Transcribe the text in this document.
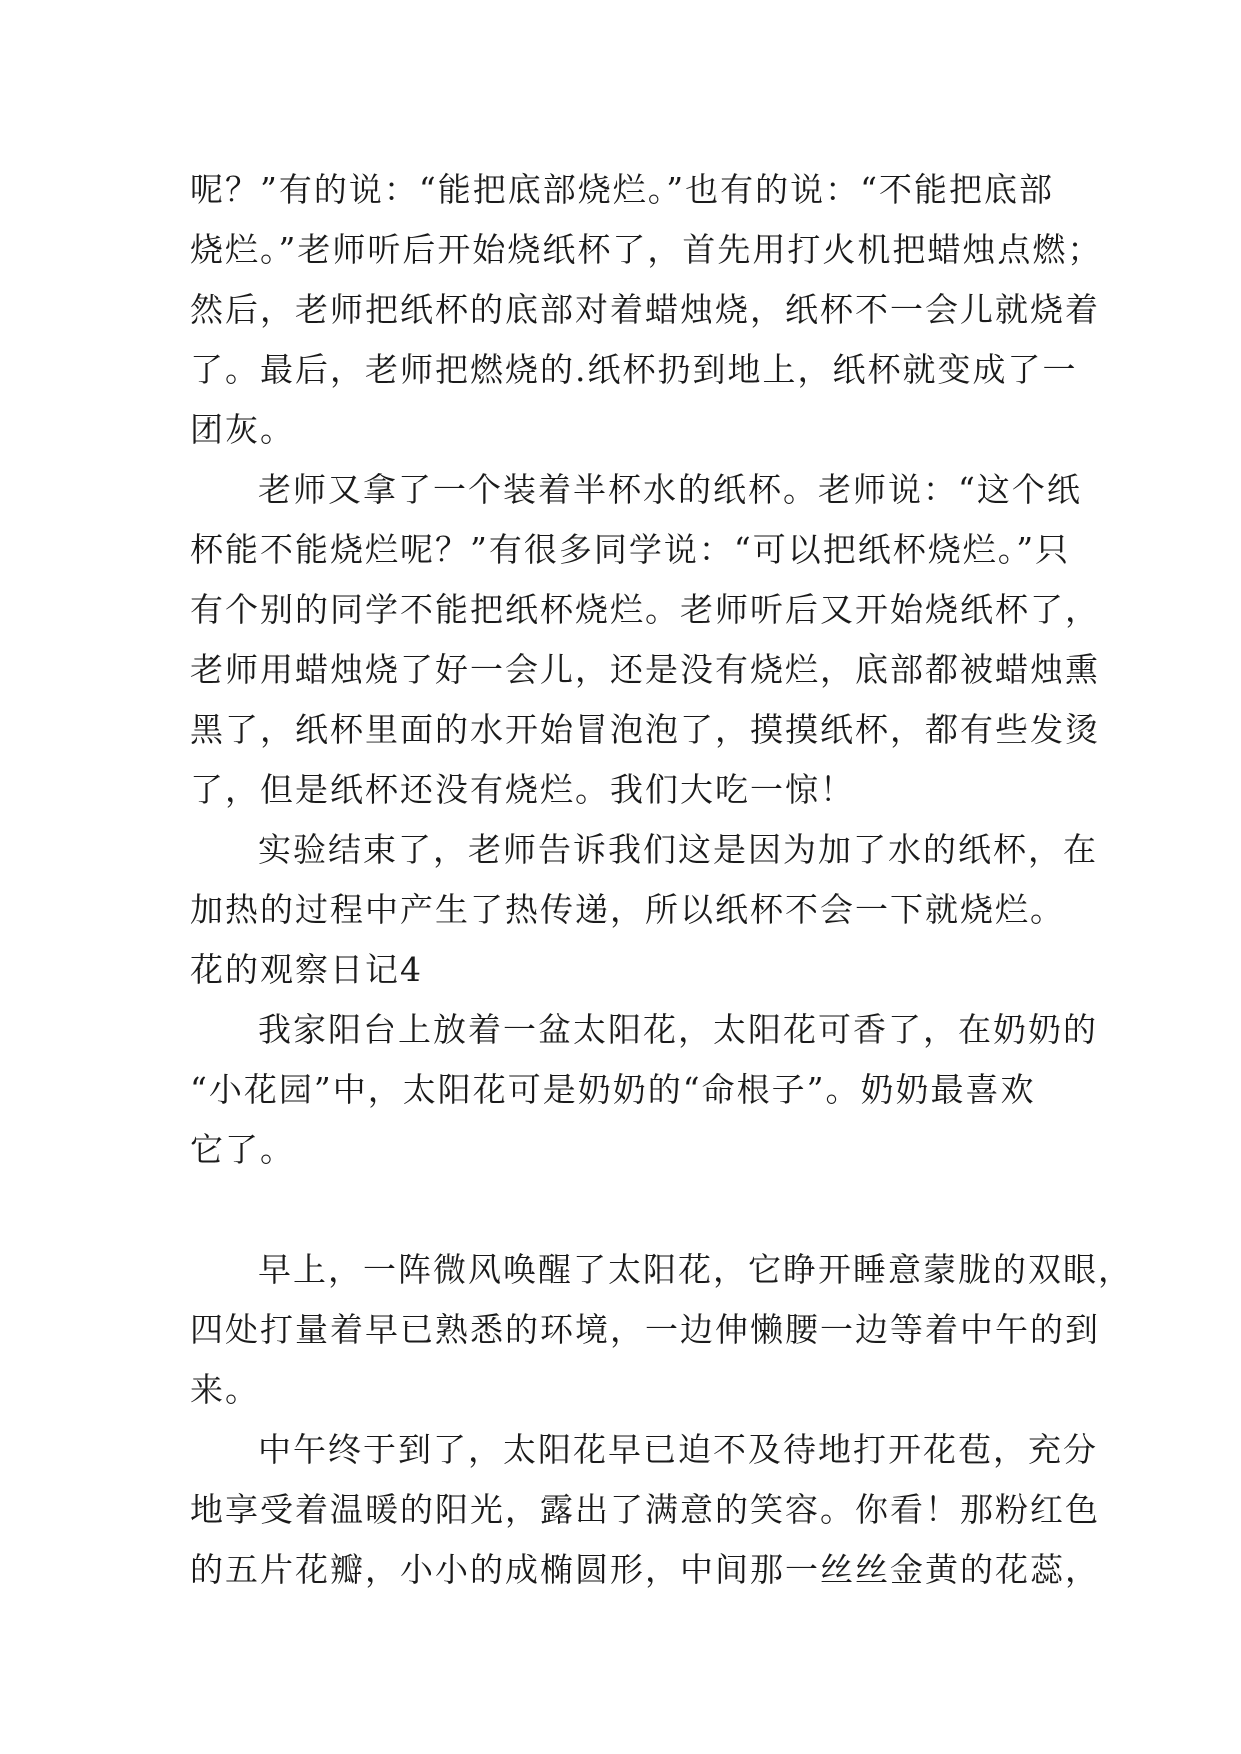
呢？”有的说：“能把底部烧烂。”也有的说：“不能把底部
烧烂。”老师听后开始烧纸杯了，首先用打火机把蜡烛点燃；
然后，老师把纸杯的底部对着蜡烛烧，纸杯不一会儿就烧着
了。最后，老师把燃烧的.纸杯扔到地上，纸杯就变成了一
团灰。
老师又拿了一个装着半杯水的纸杯。老师说：“这个纸
杯能不能烧烂呢？”有很多同学说：“可以把纸杯烧烂。”只
有个别的同学不能把纸杯烧烂。老师听后又开始烧纸杯了，
老师用蜡烛烧了好一会儿，还是没有烧烂，底部都被蜡烛熏
黑了，纸杯里面的水开始冒泡泡了，摸摸纸杯，都有些发烫
了，但是纸杯还没有烧烂。我们大吃一惊！
实验结束了，老师告诉我们这是因为加了水的纸杯，在
加热的过程中产生了热传递，所以纸杯不会一下就烧烂。
花的观察日记4
我家阳台上放着一盆太阳花，太阳花可香了，在奶奶的
“小花园”中，太阳花可是奶奶的“命根子”。奶奶最喜欢
它了。
早上，一阵微风唤醒了太阳花，它睁开睡意蒙胧的双眼，
四处打量着早已熟悉的环境，一边伸懒腰一边等着中午的到
来。
中午终于到了，太阳花早已迫不及待地打开花苞，充分
地享受着温暖的阳光，露出了满意的笑容。你看！那粉红色
的五片花瓣，小小的成椭圆形，中间那一丝丝金黄的花蕊，
